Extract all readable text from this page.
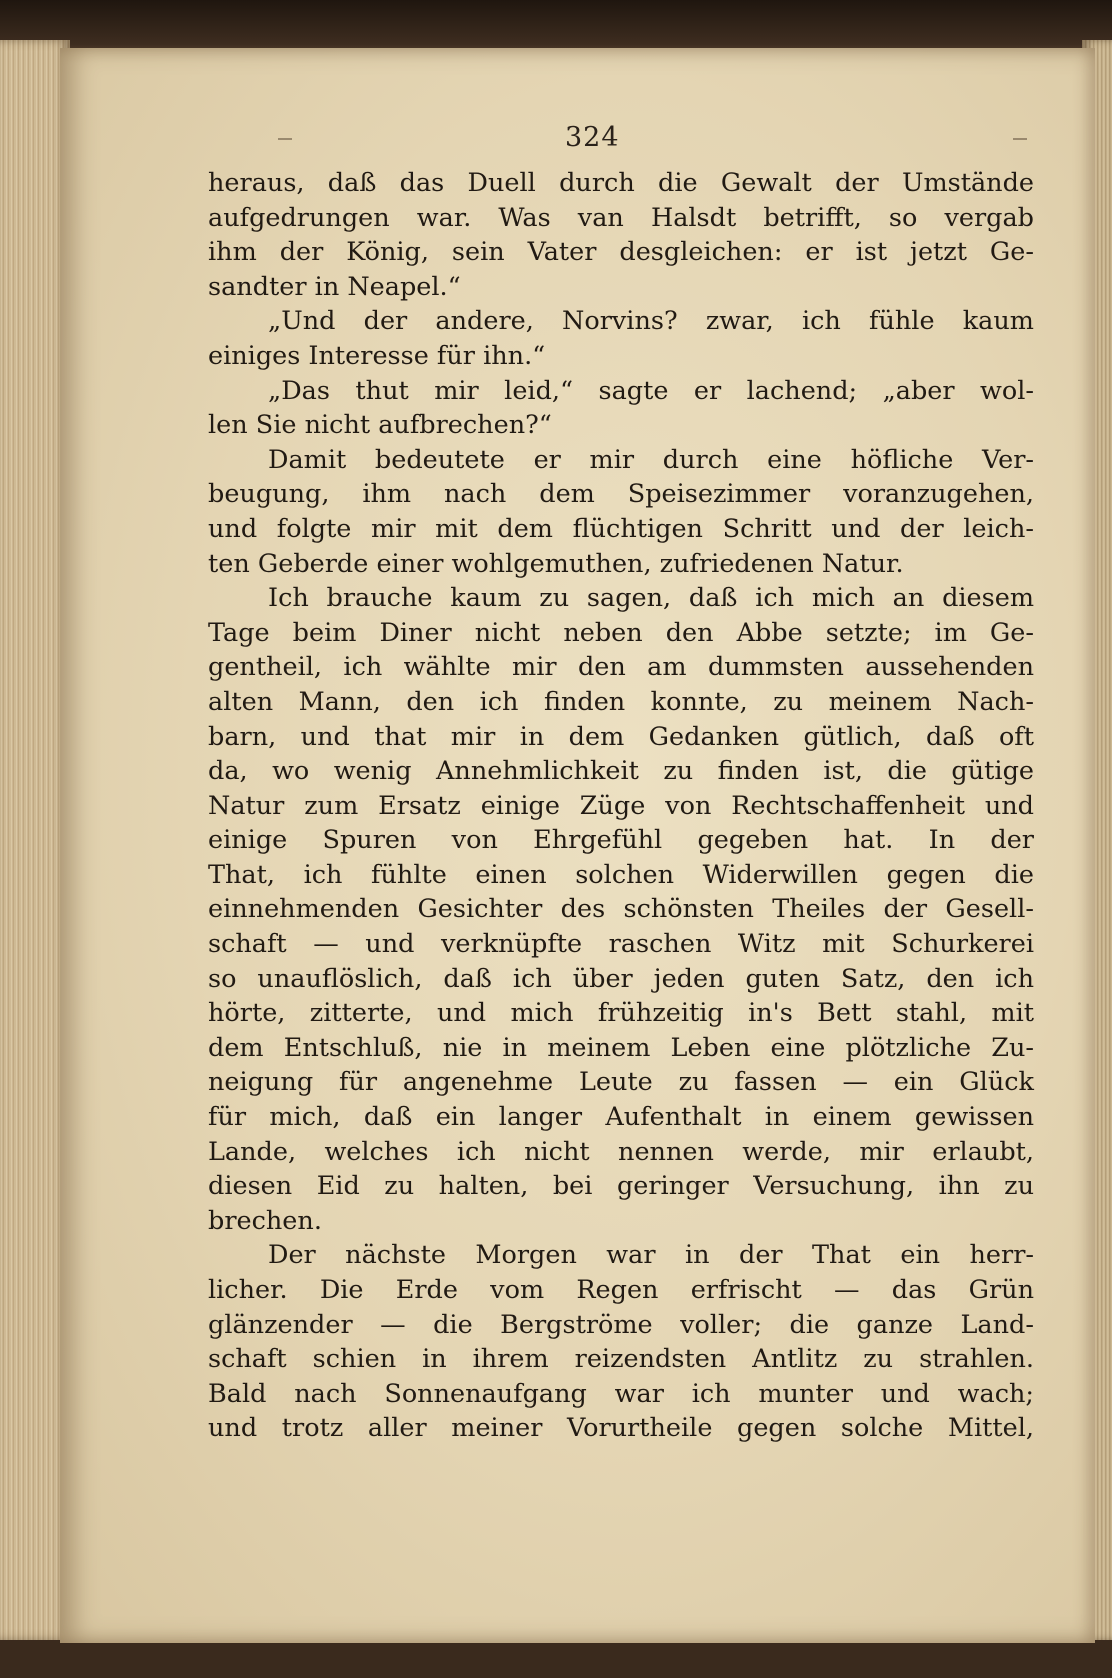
324
heraus, daß das Duell durch die Gewalt der Umstände
aufgedrungen war. Was van Halsdt betrifft, so vergab
ihm der König, sein Vater desgleichen: er ist jetzt Ge-
sandter in Neapel.“
„Und der andere, Norvins? zwar, ich fühle kaum
einiges Interesse für ihn.“
„Das thut mir leid,“ sagte er lachend; „aber wol-
len Sie nicht aufbrechen?“
Damit bedeutete er mir durch eine höfliche Ver-
beugung, ihm nach dem Speisezimmer voranzugehen,
und folgte mir mit dem flüchtigen Schritt und der leich-
ten Geberde einer wohlgemuthen, zufriedenen Natur.
Ich brauche kaum zu sagen, daß ich mich an diesem
Tage beim Diner nicht neben den Abbe setzte; im Ge-
gentheil, ich wählte mir den am dummsten aussehenden
alten Mann, den ich finden konnte, zu meinem Nach-
barn, und that mir in dem Gedanken gütlich, daß oft
da, wo wenig Annehmlichkeit zu finden ist, die gütige
Natur zum Ersatz einige Züge von Rechtschaffenheit und
einige Spuren von Ehrgefühl gegeben hat. In der
That, ich fühlte einen solchen Widerwillen gegen die
einnehmenden Gesichter des schönsten Theiles der Gesell-
schaft — und verknüpfte raschen Witz mit Schurkerei
so unauflöslich, daß ich über jeden guten Satz, den ich
hörte, zitterte, und mich frühzeitig in's Bett stahl, mit
dem Entschluß, nie in meinem Leben eine plötzliche Zu-
neigung für angenehme Leute zu fassen — ein Glück
für mich, daß ein langer Aufenthalt in einem gewissen
Lande, welches ich nicht nennen werde, mir erlaubt,
diesen Eid zu halten, bei geringer Versuchung, ihn zu
brechen.
Der nächste Morgen war in der That ein herr-
licher. Die Erde vom Regen erfrischt — das Grün
glänzender — die Bergströme voller; die ganze Land-
schaft schien in ihrem reizendsten Antlitz zu strahlen.
Bald nach Sonnenaufgang war ich munter und wach;
und trotz aller meiner Vorurtheile gegen solche Mittel,
